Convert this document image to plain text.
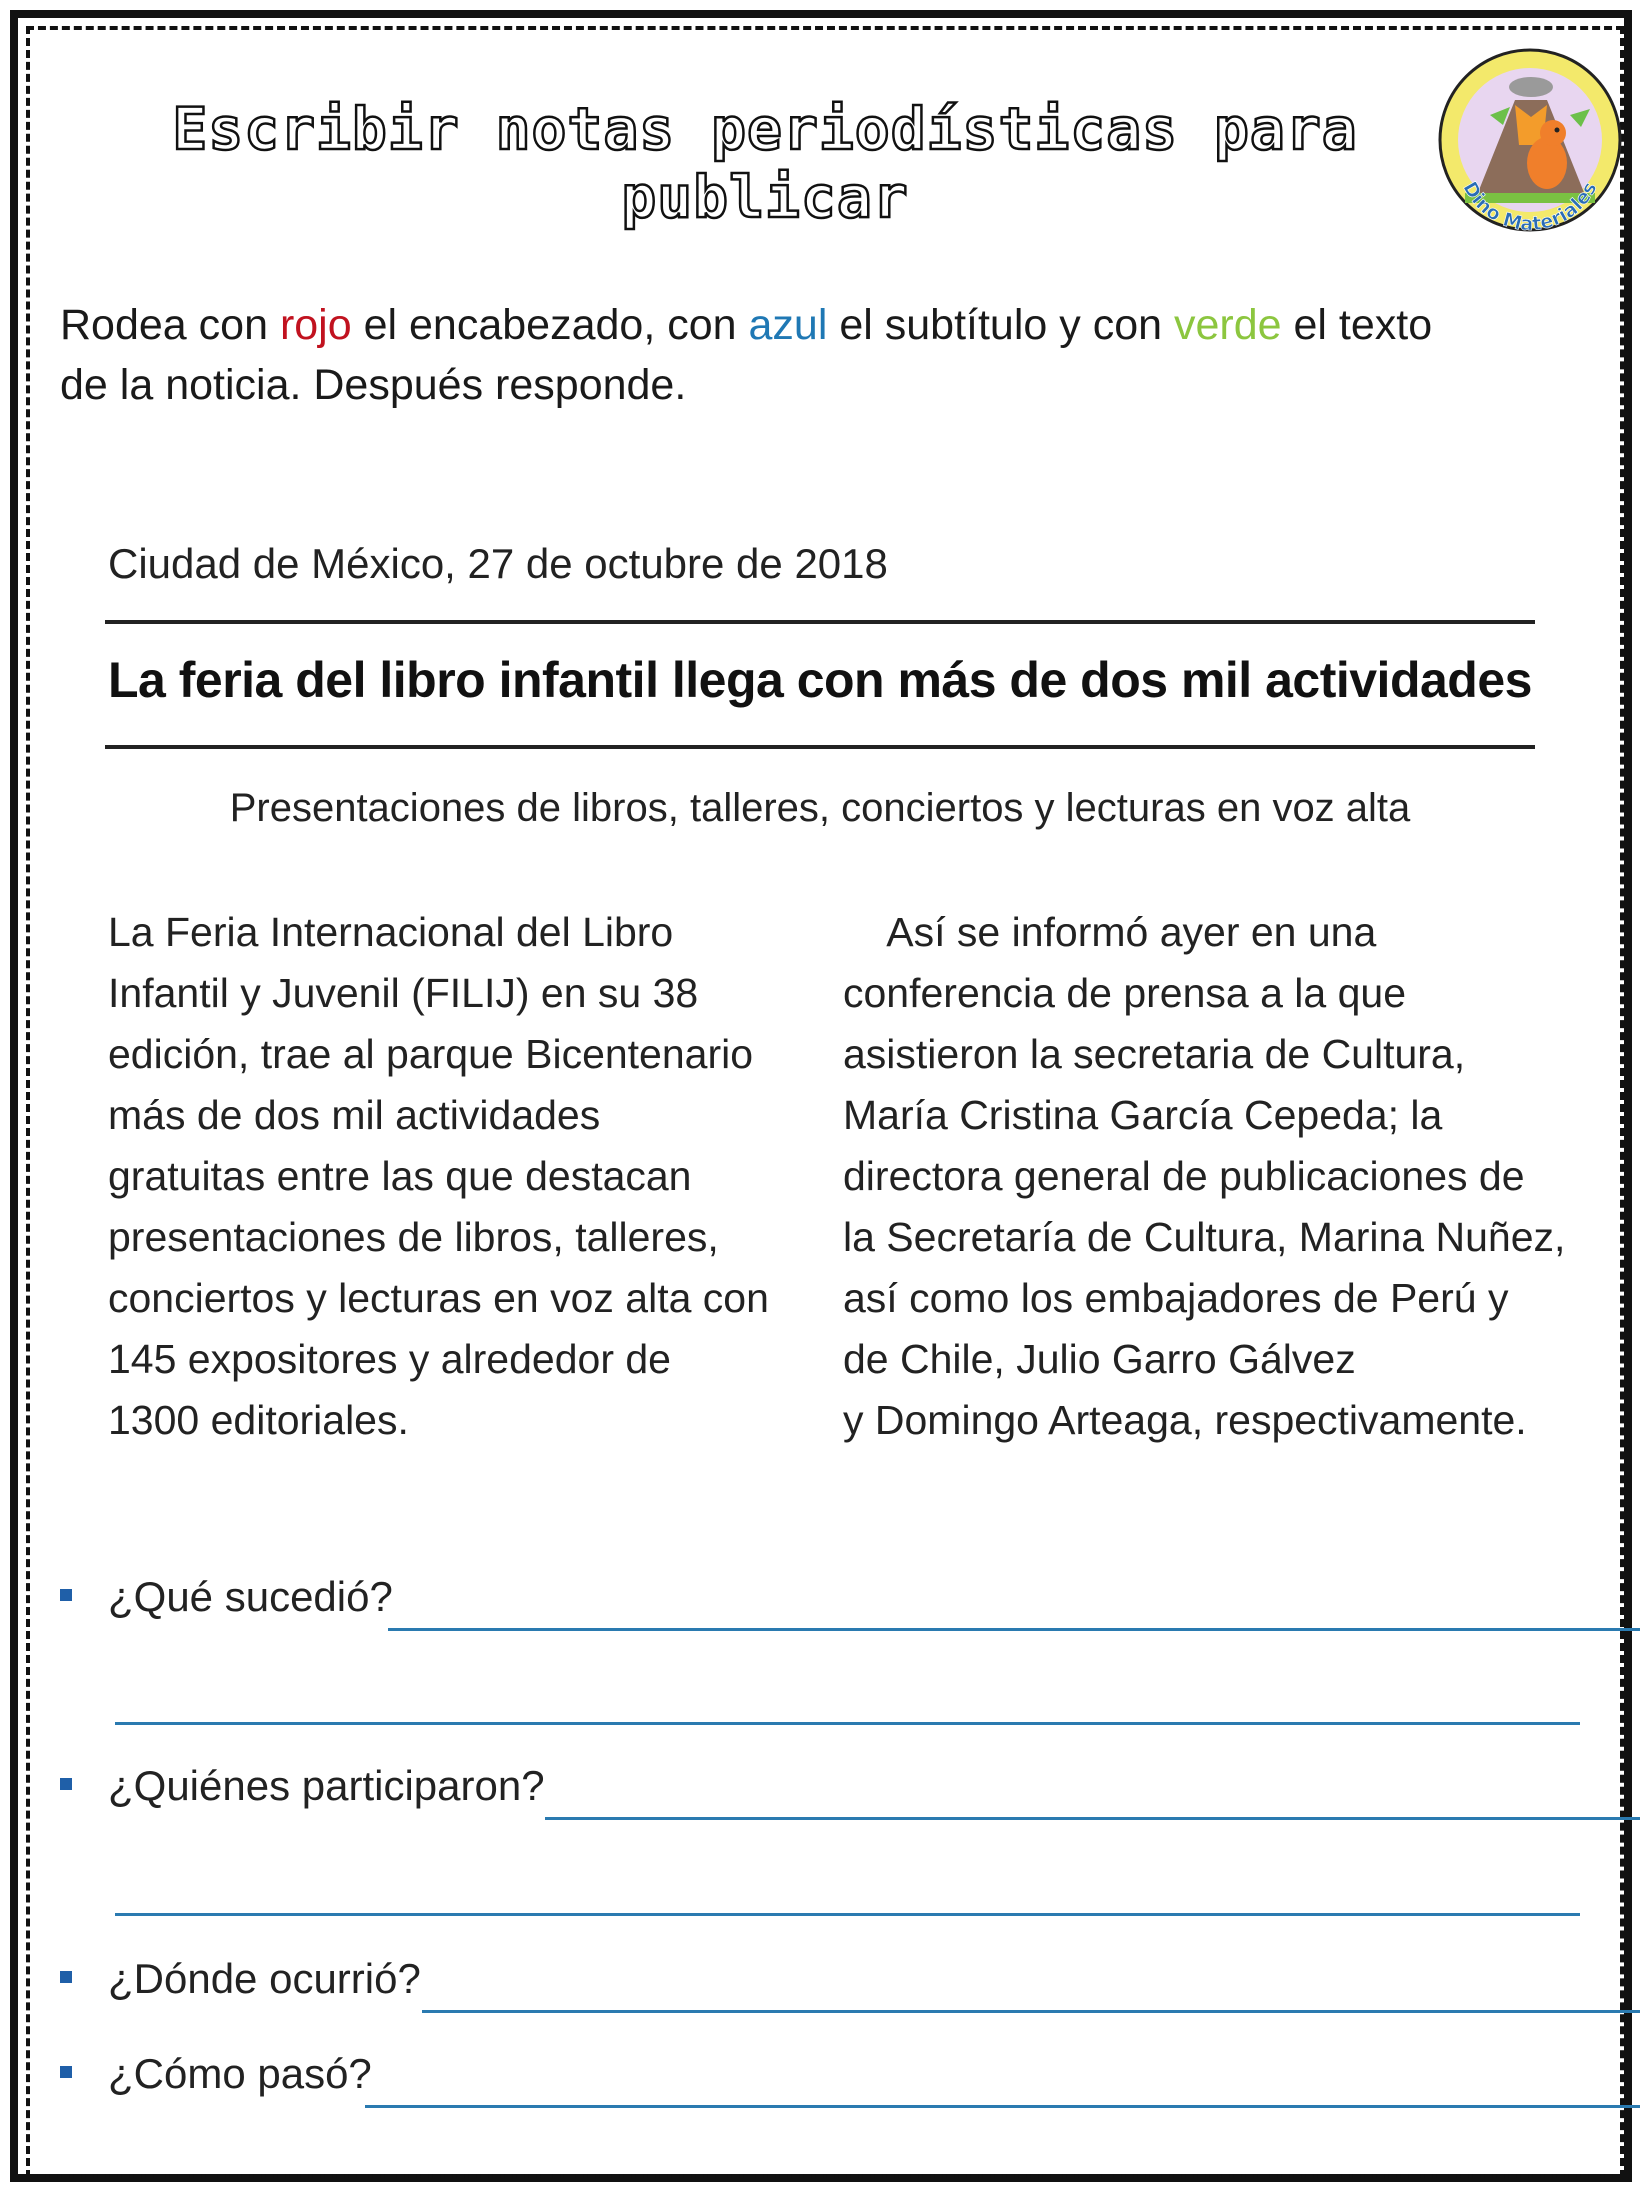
Escribir notas periodísticas para publicar	Dino Materiales
Rodea con rojo el encabezado, con azul el subtítulo y con verde el texto
de la noticia. Después responde.
Ciudad de México, 27 de octubre de 2018
La feria del libro infantil llega con más de dos mil actividades
Presentaciones de libros, talleres, conciertos y lecturas en voz alta
La Feria Internacional del Libro
Infantil y Juvenil (FILIJ) en su 38
edición, trae al parque Bicentenario
más de dos mil actividades
gratuitas entre las que destacan
presentaciones de libros, talleres,
conciertos y lecturas en voz alta con
145 expositores y alrededor de
1300 editoriales.
Así se informó ayer en una
conferencia de prensa a la que
asistieron la secretaria de Cultura,
María Cristina García Cepeda; la
directora general de publicaciones de
la Secretaría de Cultura, Marina Nuñez,
así como los embajadores de Perú y
de Chile, Julio Garro Gálvez
y Domingo Arteaga, respectivamente.
¿Qué sucedió?
¿Quiénes participaron?
¿Dónde ocurrió?
¿Cómo pasó?
